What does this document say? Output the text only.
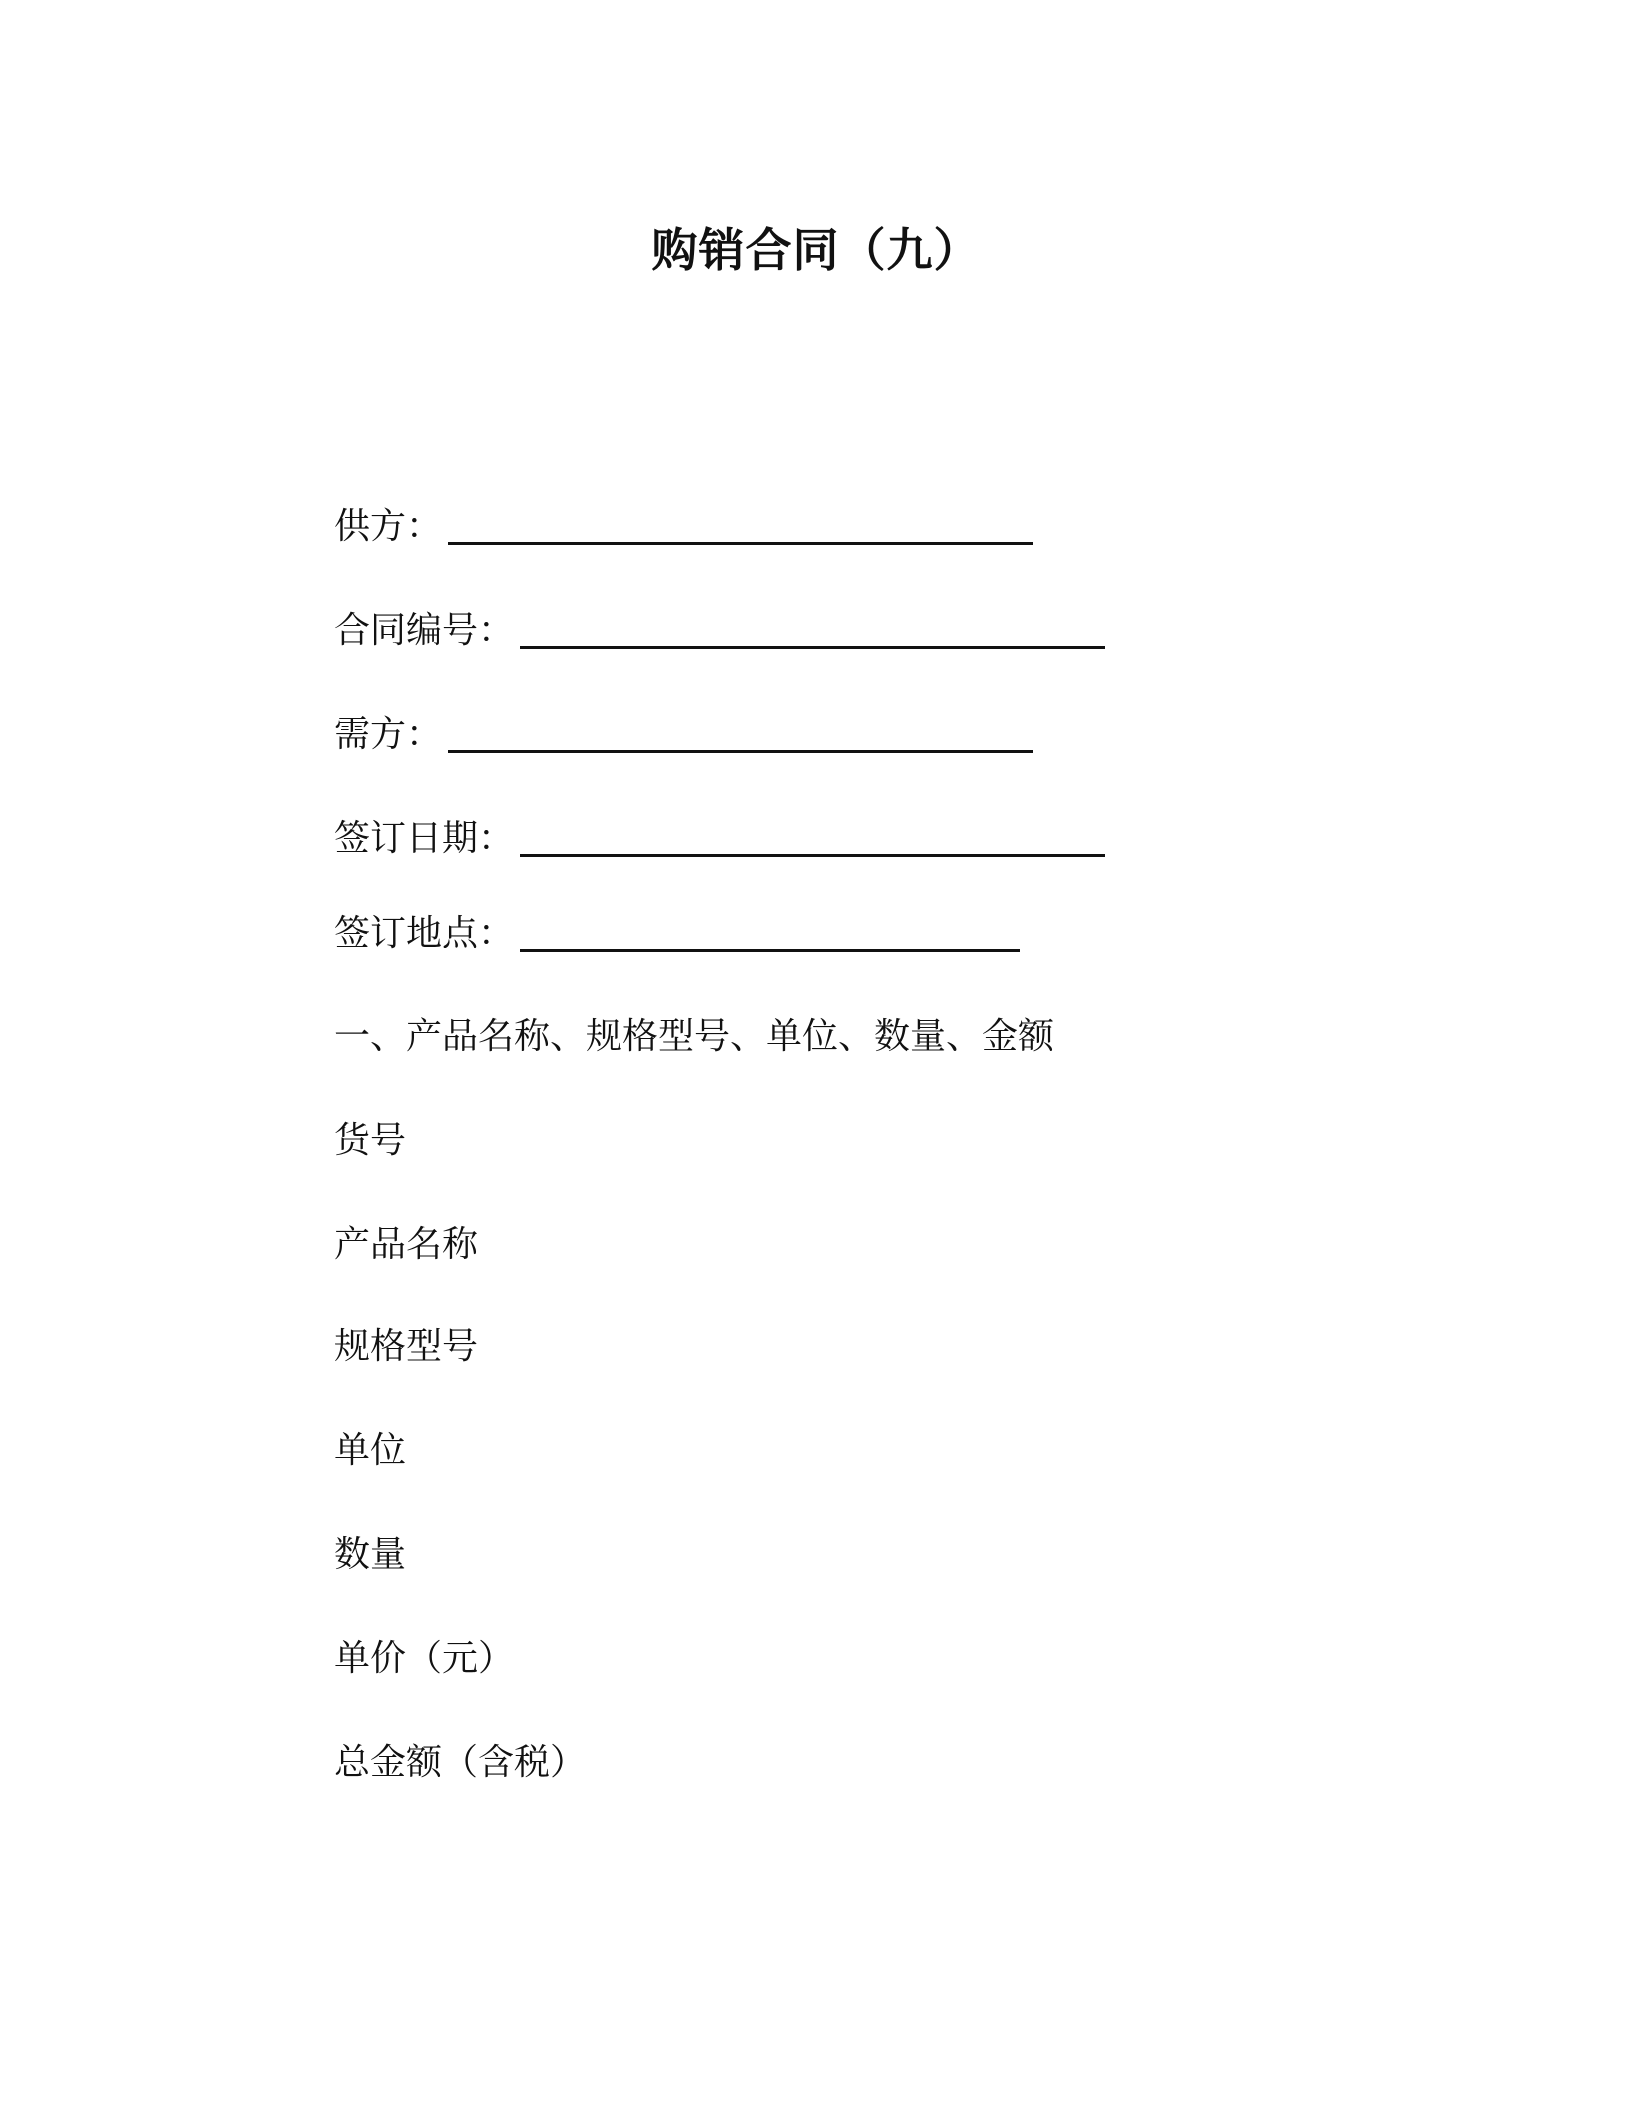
购销合同（九）
供方：
合同编号：
需方：
签订日期：
签订地点：
一、产品名称、规格型号、单位、数量、金额
货号
产品名称
规格型号
单位
数量
单价（元）
总金额（含税）
